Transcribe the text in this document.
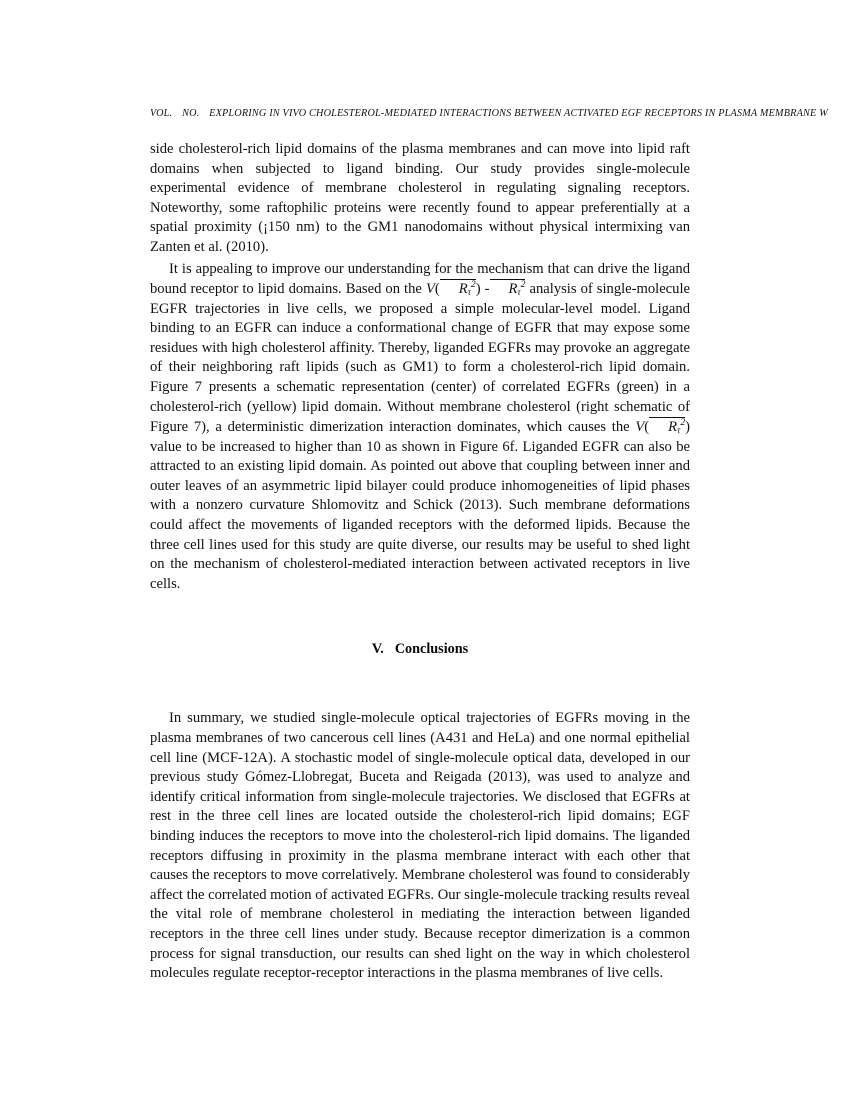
VOL. NO. EXPLORING IN VIVO CHOLESTEROL-MEDIATED INTERACTIONS BETWEEN ACTIVATED EGF RECEPTORS IN PLASMA MEMBRANE W

side cholesterol-rich lipid domains of the plasma membranes and can move into lipid raft domains when subjected to ligand binding. Our study provides single-molecule experimental evidence of membrane cholesterol in regulating signaling receptors. Noteworthy, some raftophilic proteins were recently found to appear preferentially at a spatial proximity (¡150 nm) to the GM1 nanodomains without physical intermixing van Zanten et al. (2010).

It is appealing to improve our understanding for the mechanism that can drive the ligand bound receptor to lipid domains. Based on the V( $R_\tau^2) - R_\tau^2$ analysis of single-molecule EGFR trajectories in live cells, we proposed a simple molecular-level model. Ligand binding to an EGFR can induce a conformational change of EGFR that may expose some residues with high cholesterol affinity. Thereby, liganded EGFRs may provoke an aggregate of their neighboring raft lipids (such as GM1) to form a cholesterol-rich lipid domain. Figure 7 presents a schematic representation (center) of correlated EGFRs (green) in a cholesterol-rich (yellow) lipid domain. Without membrane cholesterol (right schematic of Figure 7), a deterministic dimerization interaction dominates, which causes the V( $R_\tau^2$) value to be increased to higher than 10 as shown in Figure 6f. Liganded EGFR can also be attracted to an existing lipid domain. As pointed out above that coupling between inner and outer leaves of an asymmetric lipid bilayer could produce inhomogeneities of lipid phases with a nonzero curvature Shlomovitz and Schick (2013). Such membrane deformations could affect the movements of liganded receptors with the deformed lipids. Because the three cell lines used for this study are quite diverse, our results may be useful to shed light on the mechanism of cholesterol-mediated interaction between activated receptors in live cells.

V. Conclusions

In summary, we studied single-molecule optical trajectories of EGFRs moving in the plasma membranes of two cancerous cell lines (A431 and HeLa) and one normal epithelial cell line (MCF-12A). A stochastic model of single-molecule optical data, developed in our previous study Gómez-Llobregat, Buceta and Reigada (2013), was used to analyze and identify critical information from single-molecule trajectories. We disclosed that EGFRs at rest in the three cell lines are located outside the cholesterol-rich lipid domains; EGF binding induces the receptors to move into the cholesterol-rich lipid domains. The liganded receptors diffusing in proximity in the plasma membrane interact with each other that causes the receptors to move correlatively. Membrane cholesterol was found to considerably affect the correlated motion of activated EGFRs. Our single-molecule tracking results reveal the vital role of membrane cholesterol in mediating the interaction between liganded receptors in the three cell lines under study. Because receptor dimerization is a common process for signal transduction, our results can shed light on the way in which cholesterol molecules regulate receptor-receptor interactions in the plasma membranes of live cells.
